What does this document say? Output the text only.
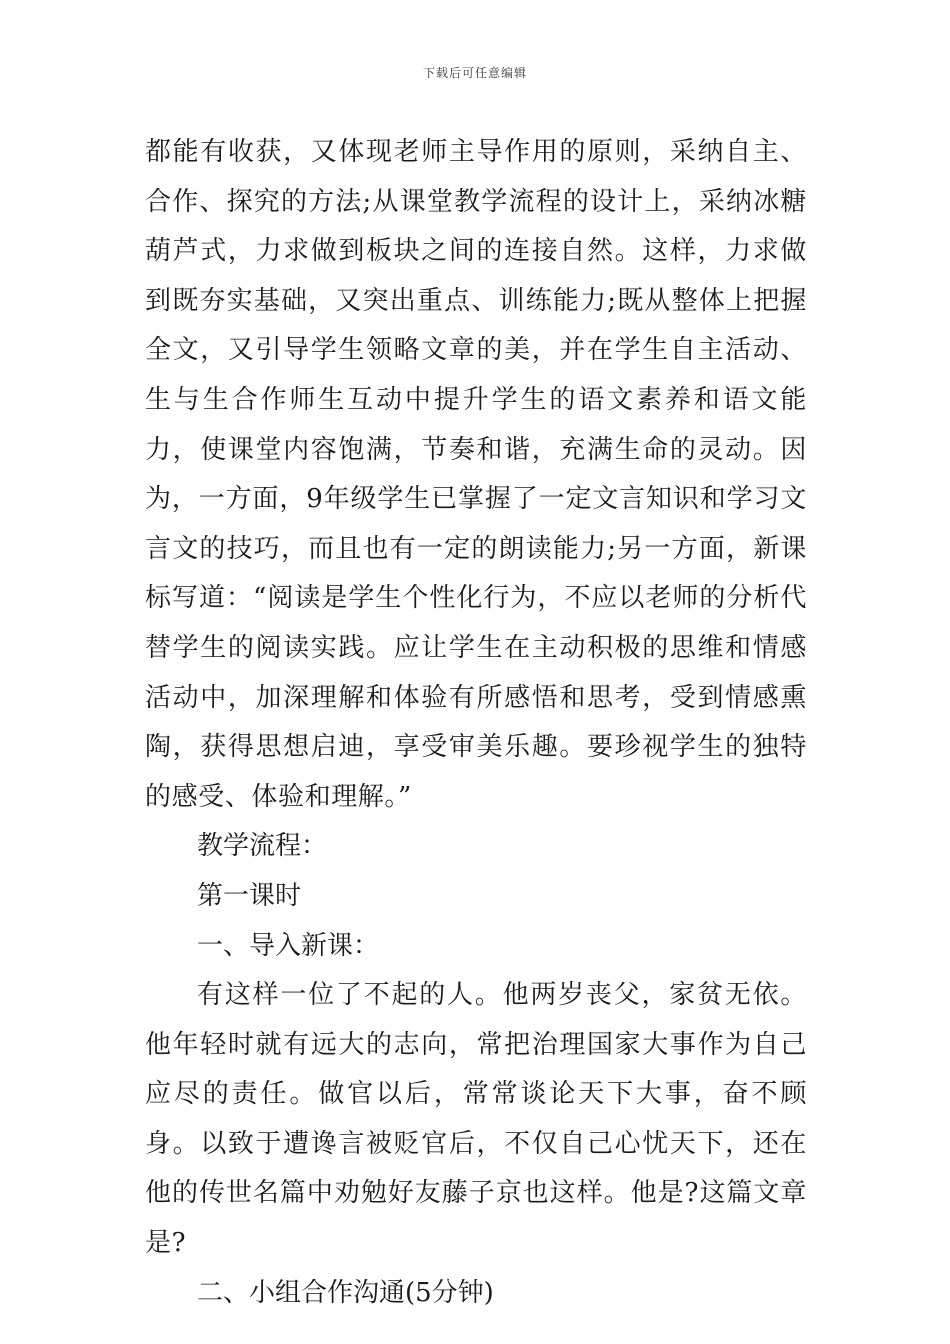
下载后可任意编辑

都能有收获，又体现老师主导作用的原则，采纳自主、合作、探究的方法;从课堂教学流程的设计上，采纳冰糖葫芦式，力求做到板块之间的连接自然。这样，力求做到既夯实基础，又突出重点、训练能力;既从整体上把握全文，又引导学生领略文章的美，并在学生自主活动、生与生合作师生互动中提升学生的语文素养和语文能力，使课堂内容饱满，节奏和谐，充满生命的灵动。因为，一方面，9年级学生已掌握了一定文言知识和学习文言文的技巧，而且也有一定的朗读能力;另一方面，新课标写道：“阅读是学生个性化行为，不应以老师的分析代替学生的阅读实践。应让学生在主动积极的思维和情感活动中，加深理解和体验有所感悟和思考，受到情感熏陶，获得思想启迪，享受审美乐趣。要珍视学生的独特的感受、体验和理解。”

教学流程：

第一课时

一、导入新课：

有这样一位了不起的人。他两岁丧父，家贫无依。他年轻时就有远大的志向，常把治理国家大事作为自己应尽的责任。做官以后，常常谈论天下大事，奋不顾身。以致于遭谗言被贬官后，不仅自己心忧天下，还在他的传世名篇中劝勉好友藤子京也这样。他是?这篇文章是?

二、小组合作沟通(5分钟)
